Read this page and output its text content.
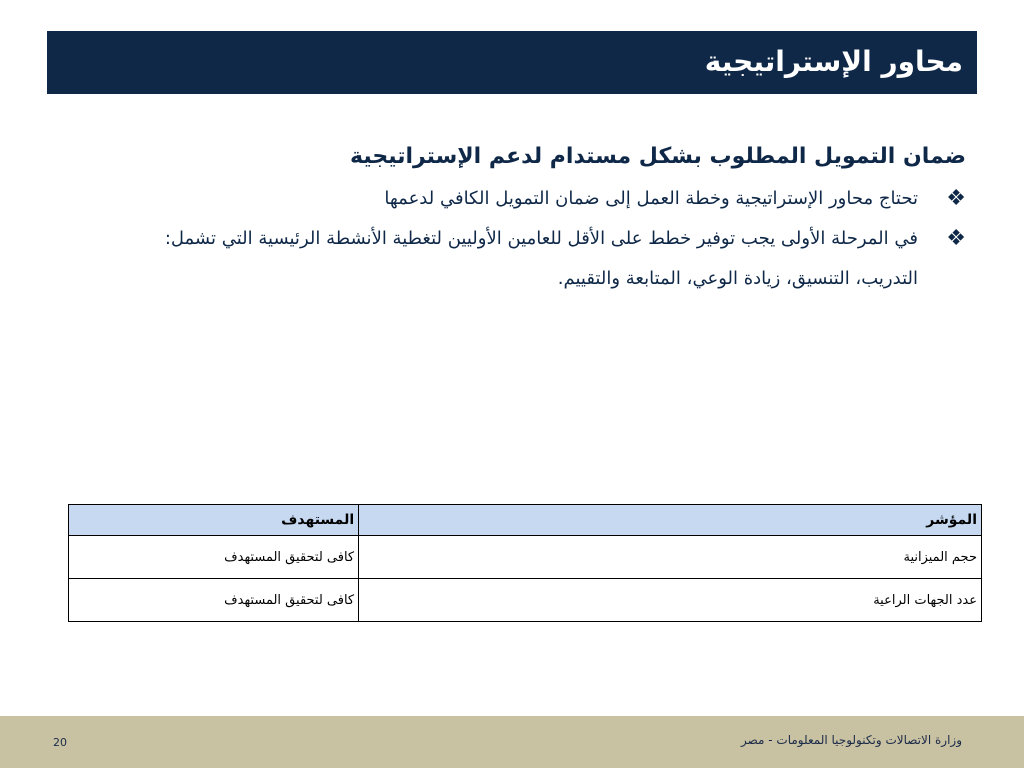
محاور الإستراتيجية
ضمان التمويل المطلوب بشكل مستدام لدعم الإستراتيجية
❖
تحتاج محاور الإستراتيجية وخطة العمل إلى ضمان التمويل الكافي لدعمها
❖
في المرحلة الأولى يجب توفير خطط على الأقل للعامين الأوليين لتغطية الأنشطة الرئيسية التي تشمل: التدريب، التنسيق، زيادة الوعي، المتابعة والتقييم.
المؤشر	المستهدف
حجم الميزانية	كافى لتحقيق المستهدف
عدد الجهات الراعية	كافى لتحقيق المستهدف
وزارة الاتصالات وتكنولوجيا المعلومات - مصر
20
